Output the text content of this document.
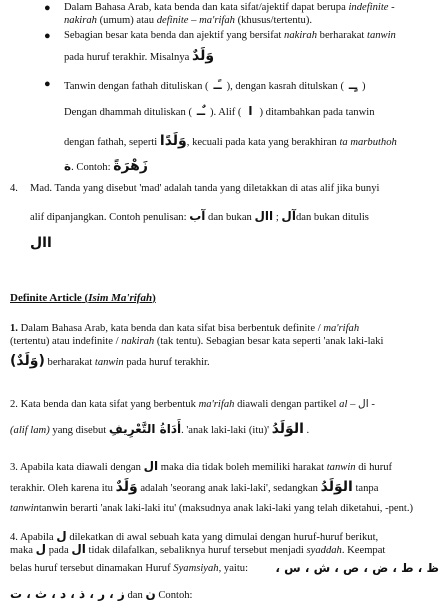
● Dalam Bahasa Arab, kata benda dan kata sifat/ajektif dapat berupa indefinite -
nakirah (umum) atau definite – ma'rifah (khusus/tertentu).
● Sebagian besar kata benda dan ajektif yang bersifat nakirah berharakat tanwin
pada huruf terakhir. Misalnya وَلَدٌ
● Tanwin dengan fathah dituliskan ( ـًـ ), dengan kasrah ditulskan ( ـٍـ )
Dengan dhammah dituliskan ( ـٌـ ). Alif ( ا ) ditambahkan pada tanwin
dengan fathah, seperti وَلَدًا, kecuali pada kata yang berakhiran ta marbuthoh
ة. Contoh: زَهْرَةً
4. Mad. Tanda yang disebut 'mad' adalah tanda yang diletakkan di atas alif jika bunyi
alif dipanjangkan. Contoh penulisan: آب dan bukan آل ; اال dan bukan ditulis
اال
Definite Article (Isim Ma'rifah)
1. Dalam Bahasa Arab, kata benda dan kata sifat bisa berbentuk definite / ma'rifah
(tertentu) atau indefinite / nakirah (tak tentu). Sebagian besar kata seperti 'anak laki-laki
(وَلَدٌ) berharakat tanwin pada huruf terakhir.
2. Kata benda dan kata sifat yang berbentuk ma'rifah diawali dengan partikel al – ال -
(alif lam) yang disebut أَدَاةُ التَّعْرِيفِ. 'anak laki-laki (itu)' الوَلَدُ .
3. Apabila kata diawali dengan ال maka dia tidak boleh memiliki harakat tanwin di huruf
terakhir. Oleh karena itu وَلَدٌ adalah 'seorang anak laki-laki', sedangkan الوَلَدُ tanpa
tanwintanwin berarti 'anak laki-laki itu' (maksudnya anak laki-laki yang telah diketahui, -pent.)
4. Apabila ل dilekatkan di awal sebuah kata yang dimulai dengan huruf-huruf berikut,
maka ل pada ال tidak dilafalkan, sebaliknya huruf tersebut menjadi syaddah. Keempat
belas huruf tersebut dinamakan Huruf Syamsiyah, yaitu: ظ ، ط ، ض ، ص ، ش ، س ،
ز ، ر ، ذ ، د ، ث ، ت dan ن Contoh:
